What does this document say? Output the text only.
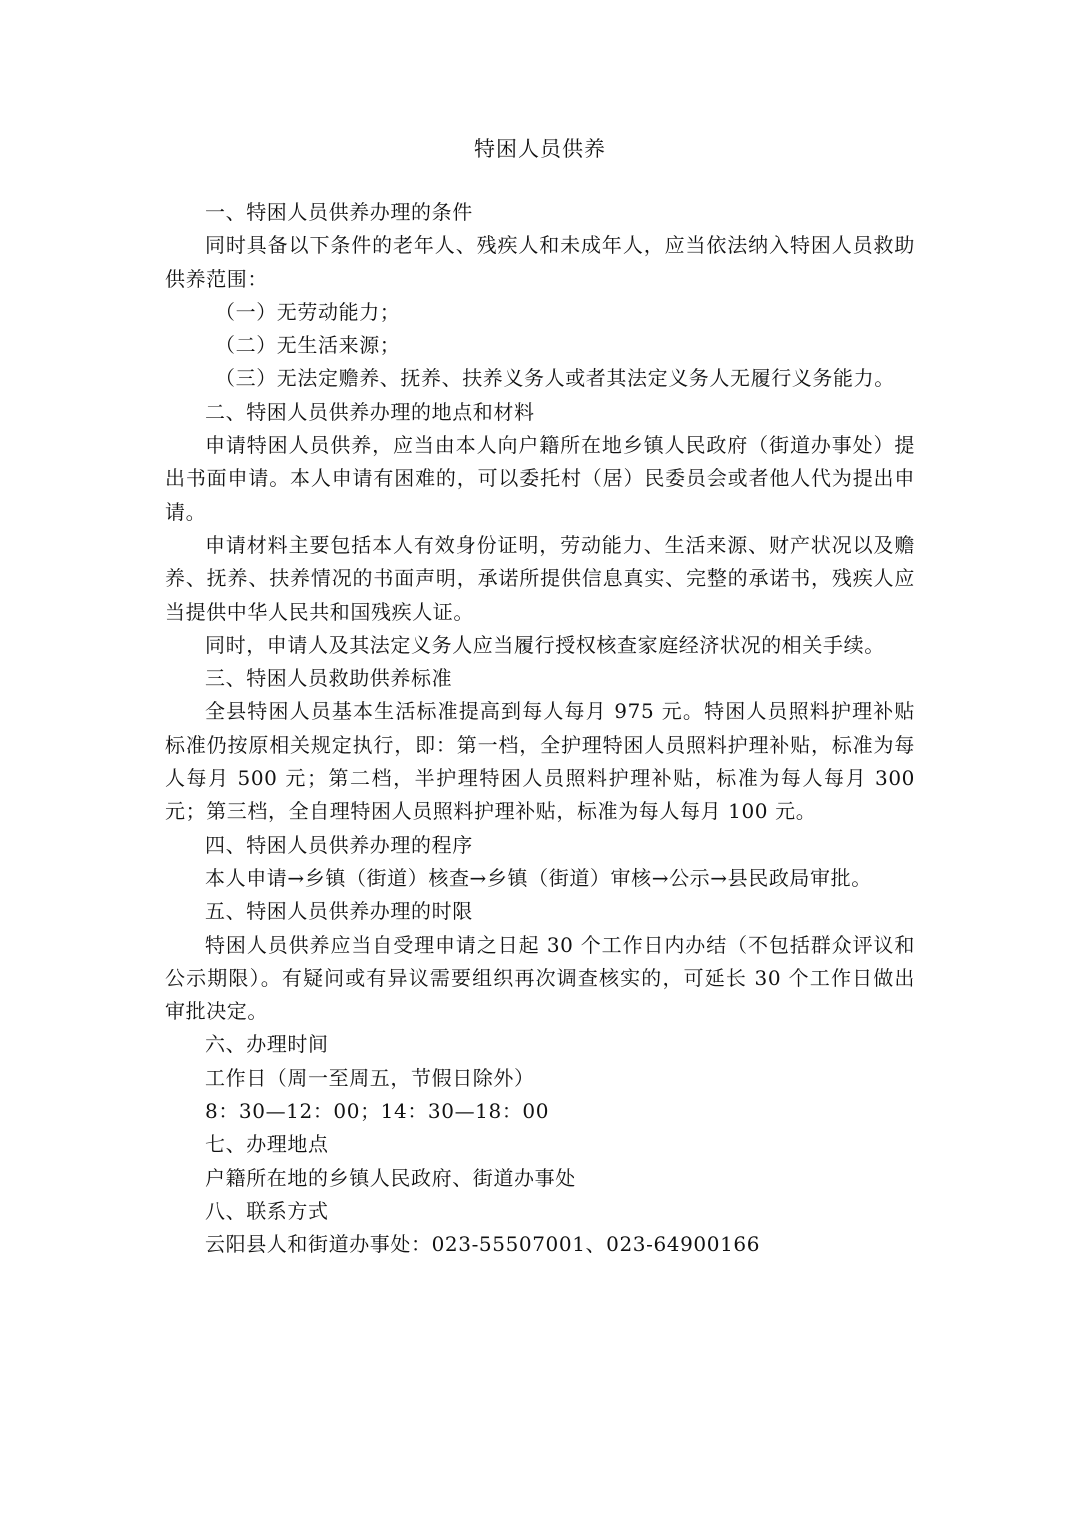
特困人员供养

一、特困人员供养办理的条件

同时具备以下条件的老年人、残疾人和未成年人，应当依法纳入特困人员救助供养范围：

（一）无劳动能力；

（二）无生活来源；

（三）无法定赡养、抚养、扶养义务人或者其法定义务人无履行义务能力。

二、特困人员供养办理的地点和材料

申请特困人员供养，应当由本人向户籍所在地乡镇人民政府（街道办事处）提出书面申请。本人申请有困难的，可以委托村（居）民委员会或者他人代为提出申请。

申请材料主要包括本人有效身份证明，劳动能力、生活来源、财产状况以及赡养、抚养、扶养情况的书面声明，承诺所提供信息真实、完整的承诺书，残疾人应当提供中华人民共和国残疾人证。

同时，申请人及其法定义务人应当履行授权核查家庭经济状况的相关手续。

三、特困人员救助供养标准

全县特困人员基本生活标准提高到每人每月 975 元。特困人员照料护理补贴标准仍按原相关规定执行，即：第一档，全护理特困人员照料护理补贴，标准为每人每月 500 元；第二档，半护理特困人员照料护理补贴，标准为每人每月 300 元；第三档，全自理特困人员照料护理补贴，标准为每人每月 100 元。

四、特困人员供养办理的程序

本人申请→乡镇（街道）核查→乡镇（街道）审核→公示→县民政局审批。

五、特困人员供养办理的时限

特困人员供养应当自受理申请之日起 30 个工作日内办结（不包括群众评议和公示期限）。有疑问或有异议需要组织再次调查核实的，可延长 30 个工作日做出审批决定。

六、办理时间

工作日（周一至周五，节假日除外）

8：30—12：00；14：30—18：00

七、办理地点

户籍所在地的乡镇人民政府、街道办事处

八、联系方式

云阳县人和街道办事处：023-55507001、023-64900166
